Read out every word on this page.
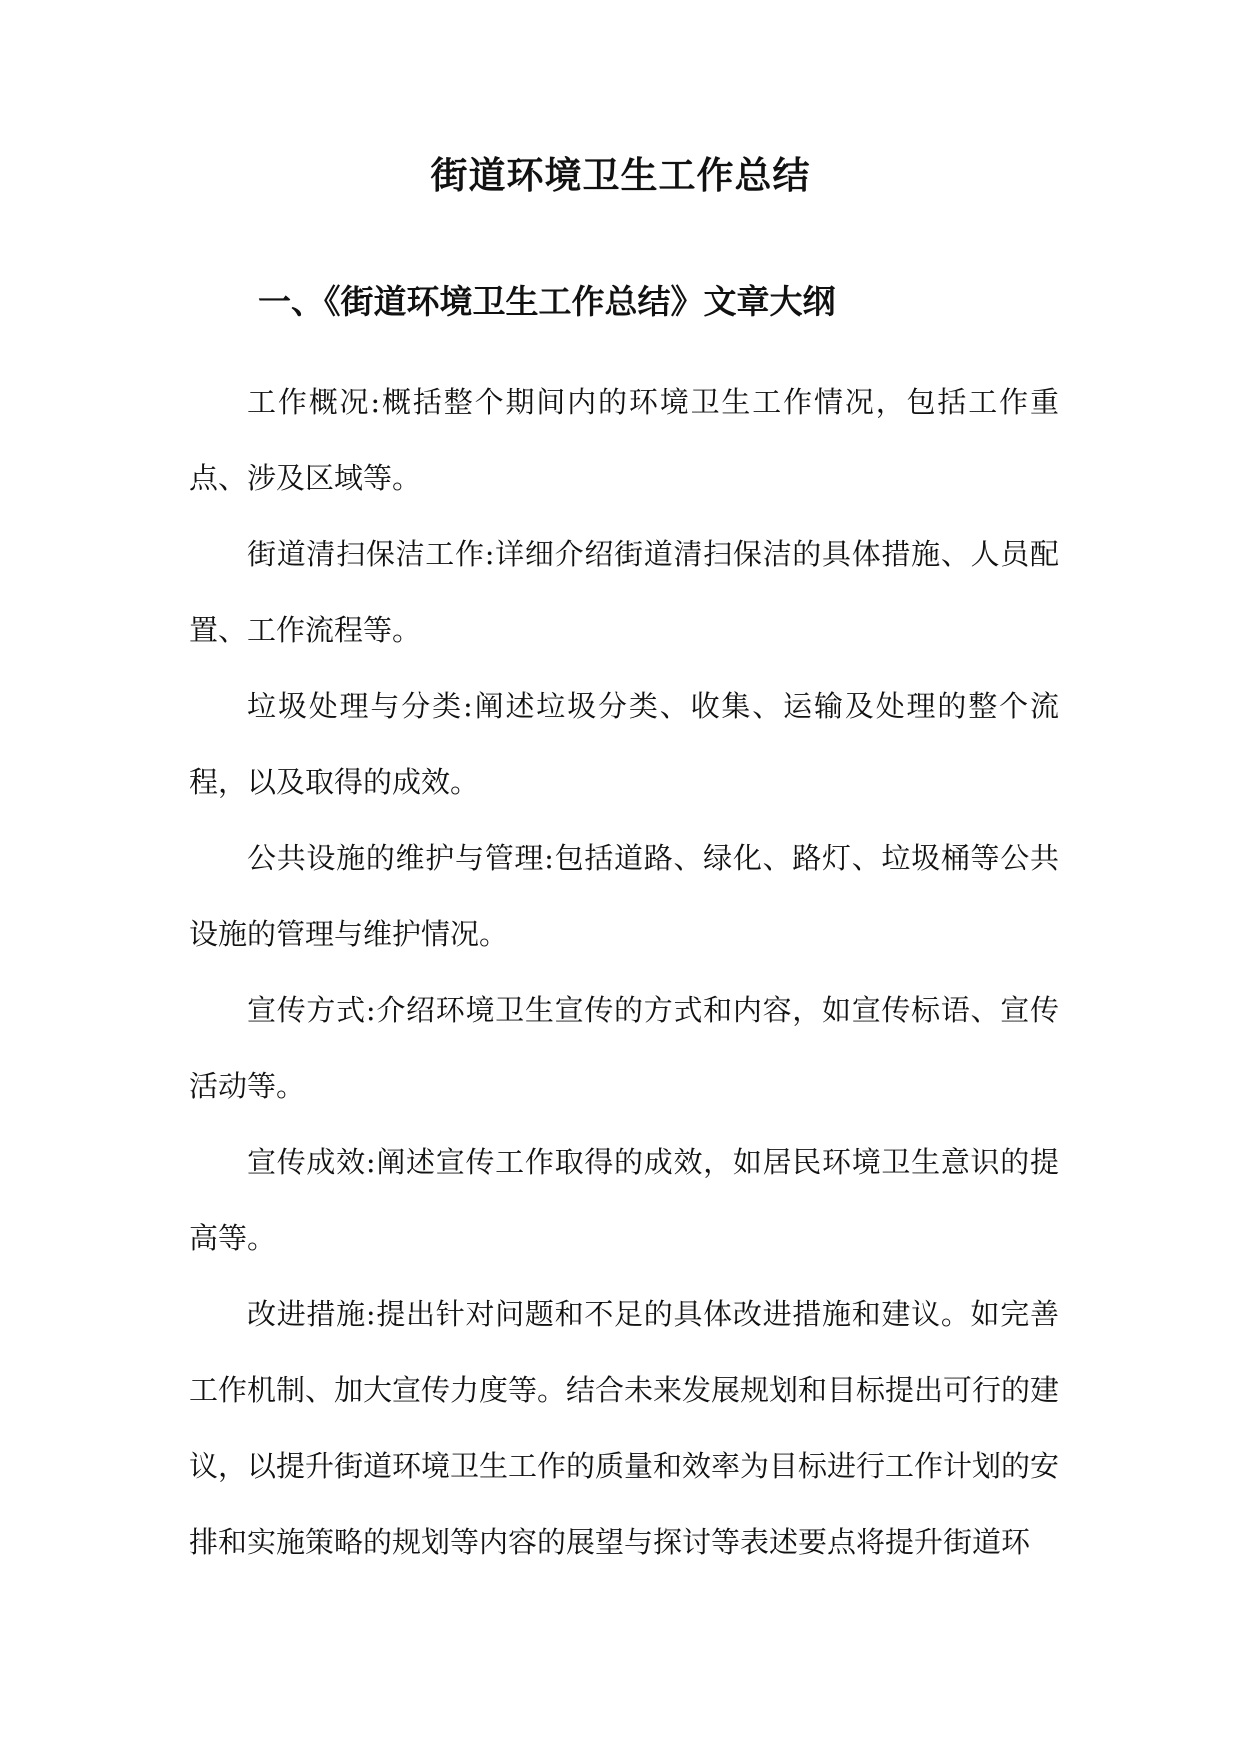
街道环境卫生工作总结
一、《街道环境卫生工作总结》文章大纲

工作概况:概括整个期间内的环境卫生工作情况，包括工作重点、涉及区域等。

街道清扫保洁工作:详细介绍街道清扫保洁的具体措施、人员配置、工作流程等。

垃圾处理与分类:阐述垃圾分类、收集、运输及处理的整个流程，以及取得的成效。

公共设施的维护与管理:包括道路、绿化、路灯、垃圾桶等公共设施的管理与维护情况。

宣传方式:介绍环境卫生宣传的方式和内容，如宣传标语、宣传活动等。

宣传成效:阐述宣传工作取得的成效，如居民环境卫生意识的提高等。

改进措施:提出针对问题和不足的具体改进措施和建议。如完善工作机制、加大宣传力度等。结合未来发展规划和目标提出可行的建议，以提升街道环境卫生工作的质量和效率为目标进行工作计划的安排和实施策略的规划等内容的展望与探讨等表述要点将提升街道环
